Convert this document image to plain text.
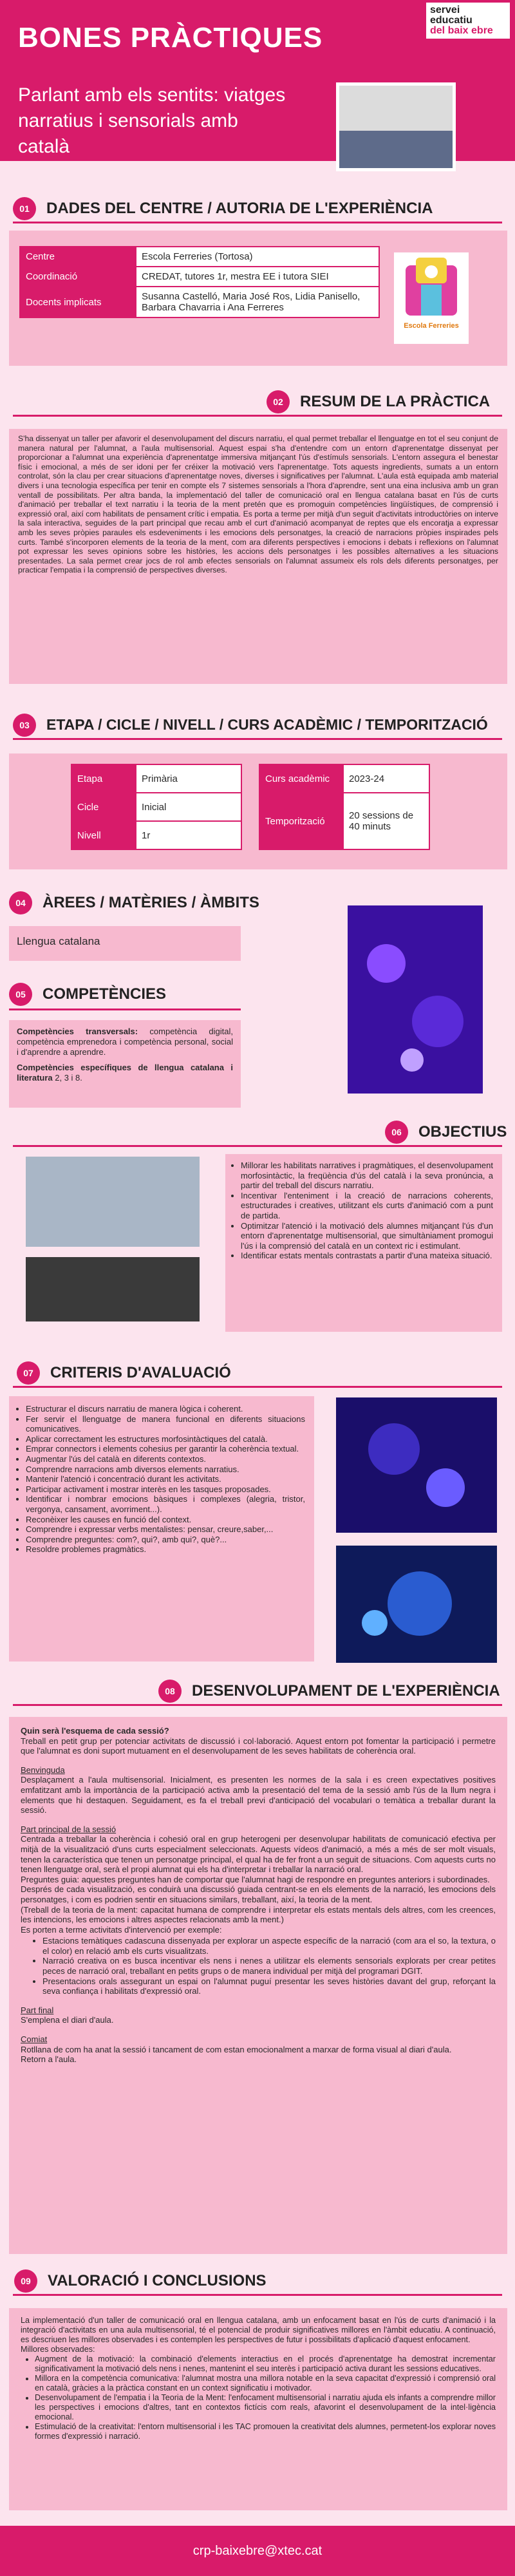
BONES PRÀCTIQUES
Parlant amb els sentits: viatges narratius i sensorials amb català
servei
educatiu
del baix ebre
01	DADES DEL CENTRE / AUTORIA DE L'EXPERIÈNCIA
Centre	Escola Ferreries (Tortosa)
Coordinació	CREDAT, tutores 1r, mestra EE i tutora SIEI
Docents implicats	Susanna Castelló, Maria José Ros, Lidia Panisello, Barbara Chavarria i Ana Ferreres
Escola Ferreries
02	RESUM DE LA PRÀCTICA
S'ha dissenyat un taller per afavorir el desenvolupament del discurs narratiu, el qual permet treballar el llenguatge en tot el seu conjunt de manera natural per l'alumnat, a l'aula multisensorial. Aquest espai s'ha d'entendre com un entorn d'aprenentatge dissenyat per proporcionar a l'alumnat una experiència d'aprenentatge immersiva mitjançant l'ús d'estímuls sensorials. L'entorn assegura el benestar físic i emocional, a més de ser idoni per fer créixer la motivació vers l'aprenentatge. Tots aquests ingredients, sumats a un entorn controlat, són la clau per crear situacions d'aprenentatge noves, diverses i significatives per l'alumnat. L'aula està equipada amb material divers i una tecnologia específica per tenir en compte els 7 sistemes sensorials a l'hora d'aprendre, sent una eina inclusiva amb un gran ventall de possibilitats. Per altra banda, la implementació del taller de comunicació oral en llengua catalana basat en l'ús de curts d'animació per treballar el text narratiu i la teoria de la ment pretén que es promoguin competències lingüístiques, de comprensió i expressió oral, així com habilitats de pensament crític i empatia. Es porta a terme per mitjà d'un seguit d'activitats introductòries on interve la sala interactiva, seguides de la part principal que recau amb el curt d'animació acompanyat de reptes que els encoratja a expressar amb les seves pròpies paraules els esdeveniments i les emocions dels personatges, la creació de narracions pròpies inspirades pels curts. També s'incorporen elements de la teoria de la ment, com ara diferents perspectives i emocions i debats i reflexions on l'alumnat pot expressar les seves opinions sobre les històries, les accions dels personatges i les possibles alternatives a les situacions presentades. La sala permet crear jocs de rol amb efectes sensorials on l'alumnat assumeix els rols dels diferents personatges, per practicar l'empatia i la comprensió de perspectives diverses.
03	ETAPA / CICLE / NIVELL / CURS ACADÈMIC / TEMPORITZACIÓ
Etapa	Primària
Cicle	Inicial
Nivell	1r
Curs acadèmic	2023-24
Temporització	20 sessions de 40 minuts
04	ÀREES / MATÈRIES / ÀMBITS
Llengua catalana
05	COMPETÈNCIES

Competències transversals: competència digital, competència emprenedora i competència personal, social i d'aprendre a aprendre.

Competències específiques de llengua catalana i literatura 2, 3 i 8.

06	OBJECTIUS
• Millorar les habilitats narratives i pragmàtiques, el desenvolupament morfosintàctic, la freqüència d'ús del català i la seva pronúncia, a partir del treball del discurs narratiu.
• Incentivar l'enteniment i la creació de narracions coherents, estructurades i creatives, utilitzant els curts d'animació com a punt de partida.
• Optimitzar l'atenció i la motivació dels alumnes mitjançant l'ús d'un entorn d'aprenentatge multisensorial, que simultàniament promogui l'ús i la comprensió del català en un context ric i estimulant.
• Identificar estats mentals contrastats a partir d'una mateixa situació.
07	CRITERIS D'AVALUACIÓ
• Estructurar el discurs narratiu de manera lògica i coherent.
• Fer servir el llenguatge de manera funcional en diferents situacions comunicatives.
• Aplicar correctament les estructures morfosintàctiques del català.
• Emprar connectors i elements cohesius per garantir la coherència textual.
• Augmentar l'ús del català en diferents contextos.
• Comprendre narracions amb diversos elements narratius.
• Mantenir l'atenció i concentració durant les activitats.
• Participar activament i mostrar interès en les tasques proposades.
• Identificar i nombrar emocions bàsiques i complexes (alegria, tristor, vergonya, cansament, avorriment...).
• Reconèixer les causes en funció del context.
• Comprendre i expressar verbs mentalistes: pensar, creure,saber,...
• Comprendre preguntes: com?, qui?, amb qui?, què?...
• Resoldre problemes pragmàtics.
08	DESENVOLUPAMENT DE L'EXPERIÈNCIA

Quin serà l'esquema de cada sessió?

Treball en petit grup per potenciar activitats de discussió i col·laboració. Aquest entorn pot fomentar la participació i permetre que l'alumnat es doni suport mutuament en el desenvolupament de les seves habilitats de coherència oral.

Benvinguda

Desplaçament a l'aula multisensorial. Inicialment, es presenten les normes de la sala i es creen expectatives positives emfatitzant amb la importància de la participació activa amb la presentació del tema de la sessió amb l'ús de la llum negra i elements que hi destaquen. Seguidament, es fa el treball previ d'anticipació del vocabulari o temàtica a treballar durant la sessió.

Part principal de la sessió

Centrada a treballar la coherència i cohesió oral en grup heterogeni per desenvolupar habilitats de comunicació efectiva per mitjà de la visualització d'uns curts especialment seleccionats. Aquests vídeos d'animació, a més a més de ser molt visuals, tenen la característica que tenen un personatge principal, el qual ha de fer front a un seguit de situacions. Com aquests curts no tenen llenguatge oral, serà el propi alumnat qui els ha d'interpretar i treballar la narració oral.

Preguntes guia: aquestes preguntes han de comportar que l'alumnat hagi de respondre en preguntes anteriors i subordinades.

Després de cada visualització, es conduirà una discussió guiada centrant-se en els elements de la narració, les emocions dels personatges, i com es podrien sentir en situacions similars, treballant, així, la teoria de la ment.

(Treball de la teoria de la ment: capacitat humana de comprendre i interpretar els estats mentals dels altres, com les creences, les intencions, les emocions i altres aspectes relacionats amb la ment.)

Es porten a terme activitats d'intervenció per exemple:

• Estacions temàtiques cadascuna dissenyada per explorar un aspecte específic de la narració (com ara el so, la textura, o el color) en relació amb els curts visualitzats.
• Narració creativa on es busca incentivar els nens i nenes a utilitzar els elements sensorials explorats per crear petites peces de narració oral, treballant en petits grups o de manera individual per mitjà del programari DGIT.
• Presentacions orals assegurant un espai on l'alumnat puguí presentar les seves històries davant del grup, reforçant la seva confiança i habilitats d'expressió oral.

Part final

S'emplena el diari d'aula.

Comiat

Rotllana de com ha anat la sessió i tancament de com estan emocionalment a marxar de forma visual al diari d'aula.

Retorn a l'aula.

09	VALORACIÓ I CONCLUSIONS

La implementació d'un taller de comunicació oral en llengua catalana, amb un enfocament basat en l'ús de curts d'animació i la integració d'activitats en una aula multisensorial, té el potencial de produir significatives millores en l'àmbit educatiu. A continuació, es descriuen les millores observades i es contemplen les perspectives de futur i possibilitats d'aplicació d'aquest enfocament.

Millores observades:

• Augment de la motivació: la combinació d'elements interactius en el procés d'aprenentatge ha demostrat incrementar significativament la motivació dels nens i nenes, mantenint el seu interès i participació activa durant les sessions educatives.
• Millora en la competència comunicativa: l'alumnat mostra una millora notable en la seva capacitat d'expressió i comprensió oral en català, gràcies a la pràctica constant en un context significatiu i motivador.
• Desenvolupament de l'empatia i la Teoria de la Ment: l'enfocament multisensorial i narratiu ajuda els infants a comprendre millor les perspectives i emocions d'altres, tant en contextos fictícis com reals, afavorint el desenvolupament de la intel·ligència emocional.
• Estimulació de la creativitat: l'entorn multisensorial i les TAC promouen la creativitat dels alumnes, permetent-los explorar noves formes d'expressió i narració.
crp-baixebre@xtec.cat
